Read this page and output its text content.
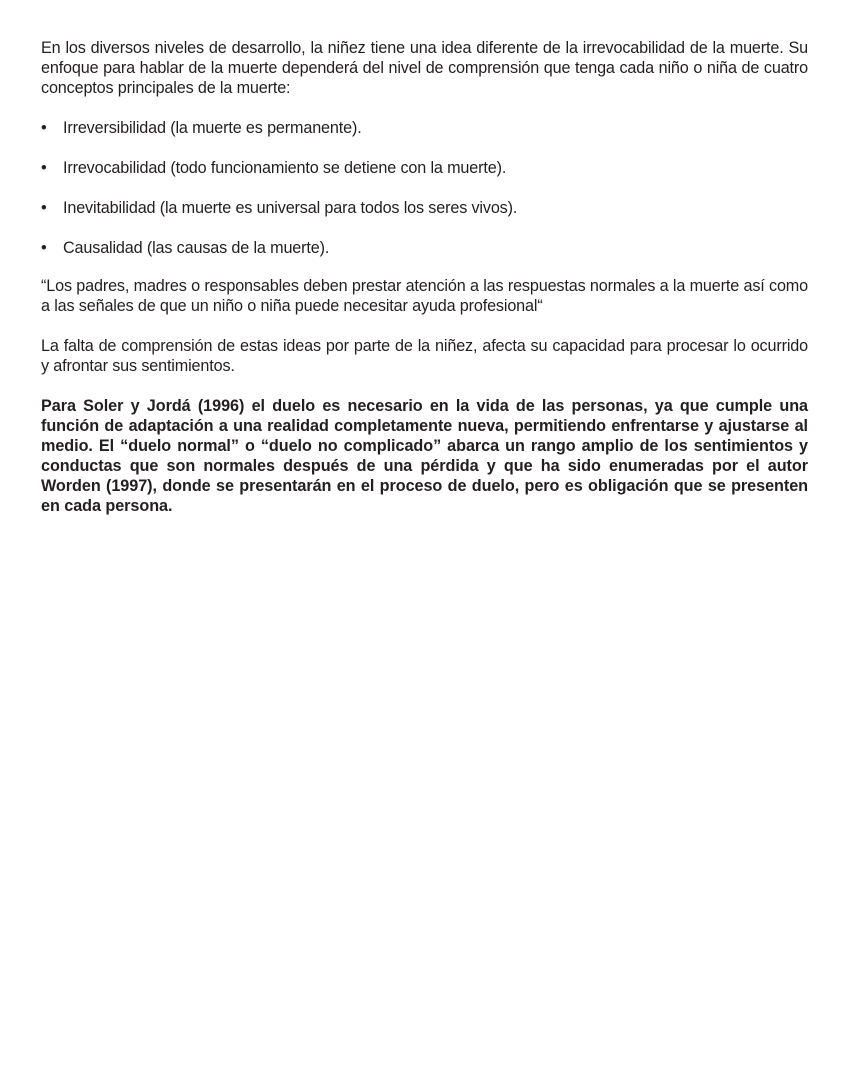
En los diversos niveles de desarrollo, la niñez tiene una idea diferente de la irrevocabilidad de la muerte. Su enfoque para hablar de la muerte dependerá del nivel de comprensión que tenga cada niño o niña de cuatro conceptos principales de la muerte:

• Irreversibilidad (la muerte es permanente).
• Irrevocabilidad (todo funcionamiento se detiene con la muerte).
• Inevitabilidad (la muerte es universal para todos los seres vivos).
• Causalidad (las causas de la muerte).

“Los padres, madres o responsables deben prestar atención a las respuestas normales a la muerte así como a las señales de que un niño o niña puede necesitar ayuda profesional“

La falta de comprensión de estas ideas por parte de la niñez, afecta su capacidad para procesar lo ocurrido y afrontar sus sentimientos.

Para Soler y Jordá (1996) el duelo es necesario en la vida de las personas, ya que cumple una función de adaptación a una realidad completamente nueva, permitiendo enfrentarse y ajustarse al medio. El “duelo normal” o “duelo no complicado” abarca un rango amplio de los sentimientos y conductas que son normales después de una pérdida y que ha sido enumeradas por el autor Worden (1997), donde se presentarán en el proceso de duelo, pero es obligación que se presenten en cada persona.
